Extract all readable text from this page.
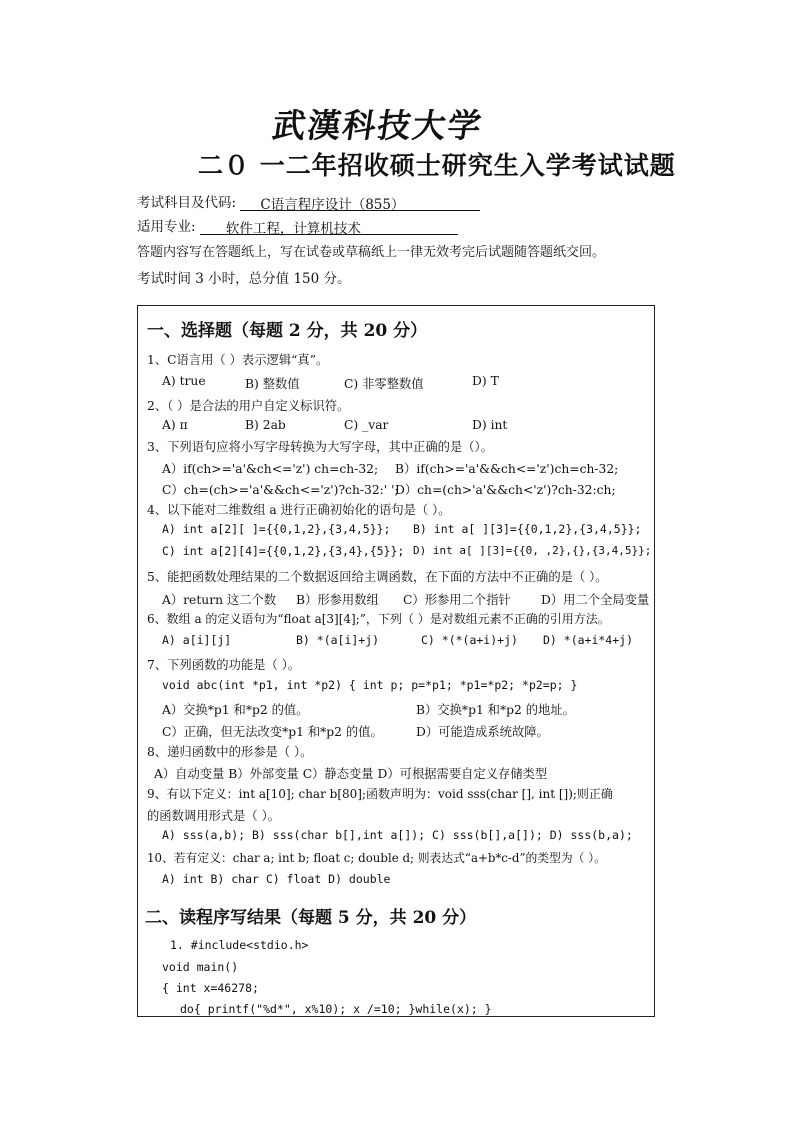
武漢科技大学
二０ 一二年招收硕士研究生入学考试试题
考试科目及代码: C语言程序设计（855）
适用专业: 软件工程，计算机技术
答题内容写在答题纸上，写在试卷或草稿纸上一律无效考完后试题随答题纸交回。
考试时间 3 小时，总分值 150 分。
一、选择题（每题 2 分，共 20 分）
1、C语言用（ ）表示逻辑“真”。
A) true	B) 整数值	C) 非零整数值	D) T
2、（ ）是合法的用户自定义标识符。
A) π	B) 2ab	C) _var	D) int
3、下列语句应将小写字母转换为大写字母，其中正确的是（）。
A）if(ch>='a'&ch<='z') ch=ch-32; B）if(ch>='a'&&ch<='z')ch=ch-32;
C）ch=(ch>='a'&&ch<='z')?ch-32:' ';
D）ch=(ch>'a'&&ch<'z')?ch-32:ch;
4、以下能对二维数组 a 进行正确初始化的语句是（ ）。
A) int a[2][ ]={{0,1,2},{3,4,5}}; B) int a[ ][3]={{0,1,2},{3,4,5}};
C) int a[2][4]={{0,1,2},{3,4},{5}}; D) int a[ ][3]={{0, ,2},{},{3,4,5}};
5、能把函数处理结果的二个数据返回给主调函数，在下面的方法中不正确的是（ ）。
A）return 这二个数 B）形参用数组 C）形参用二个指针 D）用二个全局变量
6、数组 a 的定义语句为“float a[3][4];”，下列（ ）是对数组元素不正确的引用方法。
A) a[i][j]	B) *(a[i]+j)	C) *(*(a+i)+j) D) *(a+i*4+j)
7、下列函数的功能是（ ）。
void abc(int *p1, int *p2) { int p; p=*p1; *p1=*p2; *p2=p; }
A）交换*p1 和*p2 的值。	B）交换*p1 和*p2 的地址。
C）正确，但无法改变*p1 和*p2 的值。	D）可能造成系统故障。
8、递归函数中的形参是（ ）。
A）自动变量 B）外部变量 C）静态变量 D）可根据需要自定义存储类型
9、有以下定义：int a[10]; char b[80];函数声明为：void sss(char [], int []);则正确
的函数调用形式是（ ）。
A) sss(a,b); B) sss(char b[],int a[]); C) sss(b[],a[]); D) sss(b,a);
10、若有定义：char a; int b; float c; double d; 则表达式“a+b*c-d”的类型为（ ）。
A) int B) char C) float D) double
二、读程序写结果（每题 5 分，共 20 分）
1. #include<stdio.h>
void main()
{ int x=46278;
do{ printf("%d*", x%10); x /=10; }while(x); }
